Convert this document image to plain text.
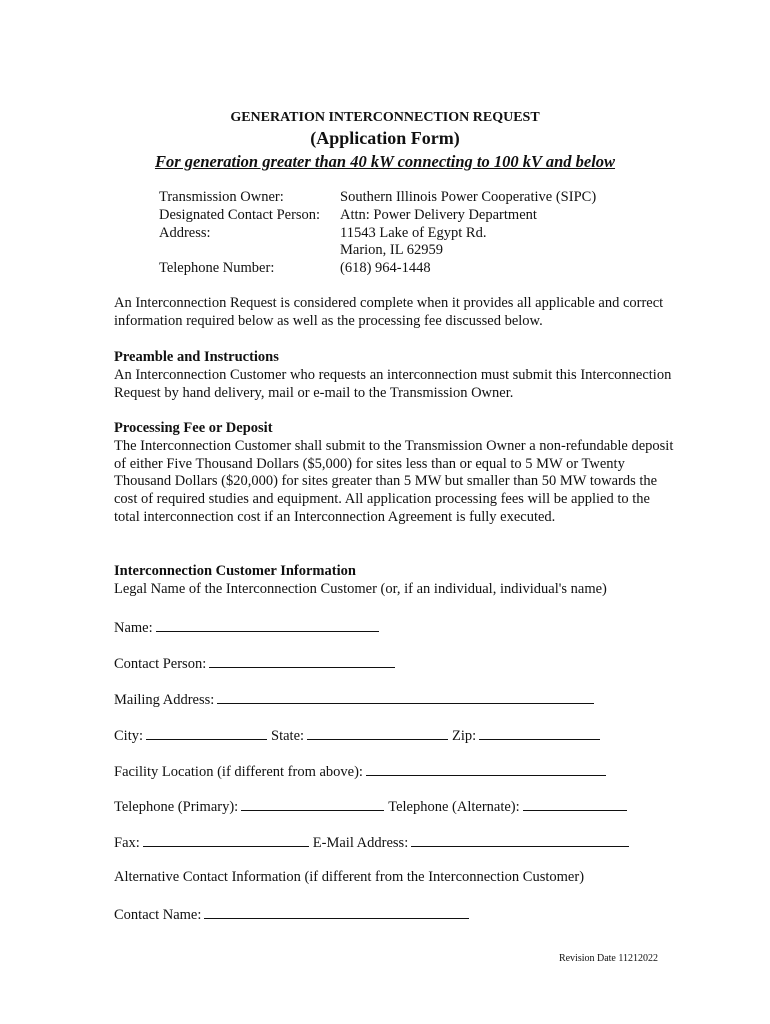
GENERATION INTERCONNECTION REQUEST
(Application Form)
For generation greater than 40 kW connecting to 100 kV and below
Transmission Owner:	Southern Illinois Power Cooperative (SIPC)
Designated Contact Person:	Attn: Power Delivery Department
Address:	11543 Lake of Egypt Rd.
Marion, IL 62959
Telephone Number:	(618) 964-1448
An Interconnection Request is considered complete when it provides all applicable and correct information required below as well as the processing fee discussed below.
Preamble and Instructions
An Interconnection Customer who requests an interconnection must submit this Interconnection Request by hand delivery, mail or e-mail to the Transmission Owner.
Processing Fee or Deposit
The Interconnection Customer shall submit to the Transmission Owner a non-refundable deposit of either Five Thousand Dollars ($5,000) for sites less than or equal to 5 MW or Twenty Thousand Dollars ($20,000) for sites greater than 5 MW but smaller than 50 MW towards the cost of required studies and equipment. All application processing fees will be applied to the total interconnection cost if an Interconnection Agreement is fully executed.
Interconnection Customer Information
Legal Name of the Interconnection Customer (or, if an individual, individual's name)
Name:
Contact Person:
Mailing Address:
City:	State:	Zip:
Facility Location (if different from above):
Telephone (Primary):	Telephone (Alternate):
Fax:	E-Mail Address:
Alternative Contact Information (if different from the Interconnection Customer)
Contact Name:
Revision Date 11212022
